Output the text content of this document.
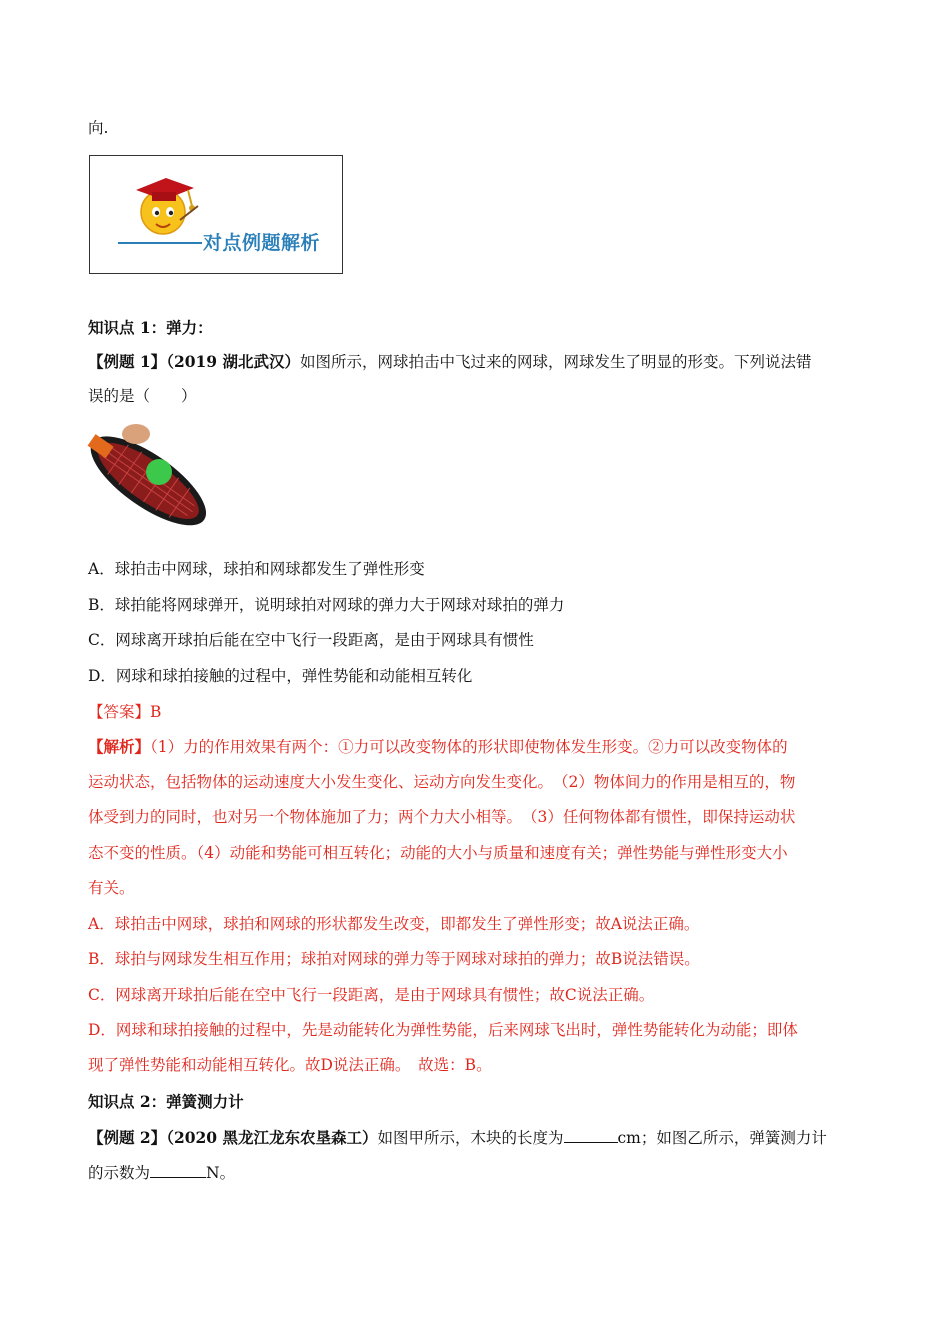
向.
对点例题解析
知识点 1：弹力：
【例题 1】（2019 湖北武汉）如图所示，网球拍击中飞过来的网球，网球发生了明显的形变。下列说法错
误的是（　　）
A．球拍击中网球，球拍和网球都发生了弹性形变
B．球拍能将网球弹开，说明球拍对网球的弹力大于网球对球拍的弹力
C．网球离开球拍后能在空中飞行一段距离，是由于网球具有惯性
D．网球和球拍接触的过程中，弹性势能和动能相互转化
【答案】B
【解析】（1）力的作用效果有两个：①力可以改变物体的形状即使物体发生形变。②力可以改变物体的
运动状态，包括物体的运动速度大小发生变化、运动方向发生变化。　（2）物体间力的作用是相互的，物
体受到力的同时，也对另一个物体施加了力；两个力大小相等。　（3）任何物体都有惯性，即保持运动状
态不变的性质。（4）动能和势能可相互转化；动能的大小与质量和速度有关；弹性势能与弹性形变大小
有关。
A．球拍击中网球，球拍和网球的形状都发生改变，即都发生了弹性形变；故A说法正确。
B．球拍与网球发生相互作用；球拍对网球的弹力等于网球对球拍的弹力；故B说法错误。
C．网球离开球拍后能在空中飞行一段距离，是由于网球具有惯性；故C说法正确。
D．网球和球拍接触的过程中，先是动能转化为弹性势能，后来网球飞出时，弹性势能转化为动能；即体
现了弹性势能和动能相互转化。故D说法正确。　故选：B。
知识点 2：弹簧测力计
【例题 2】（2020 黑龙江龙东农垦森工）如图甲所示，木块的长度为	cm；如图乙所示，弹簧测力计
的示数为	N。
